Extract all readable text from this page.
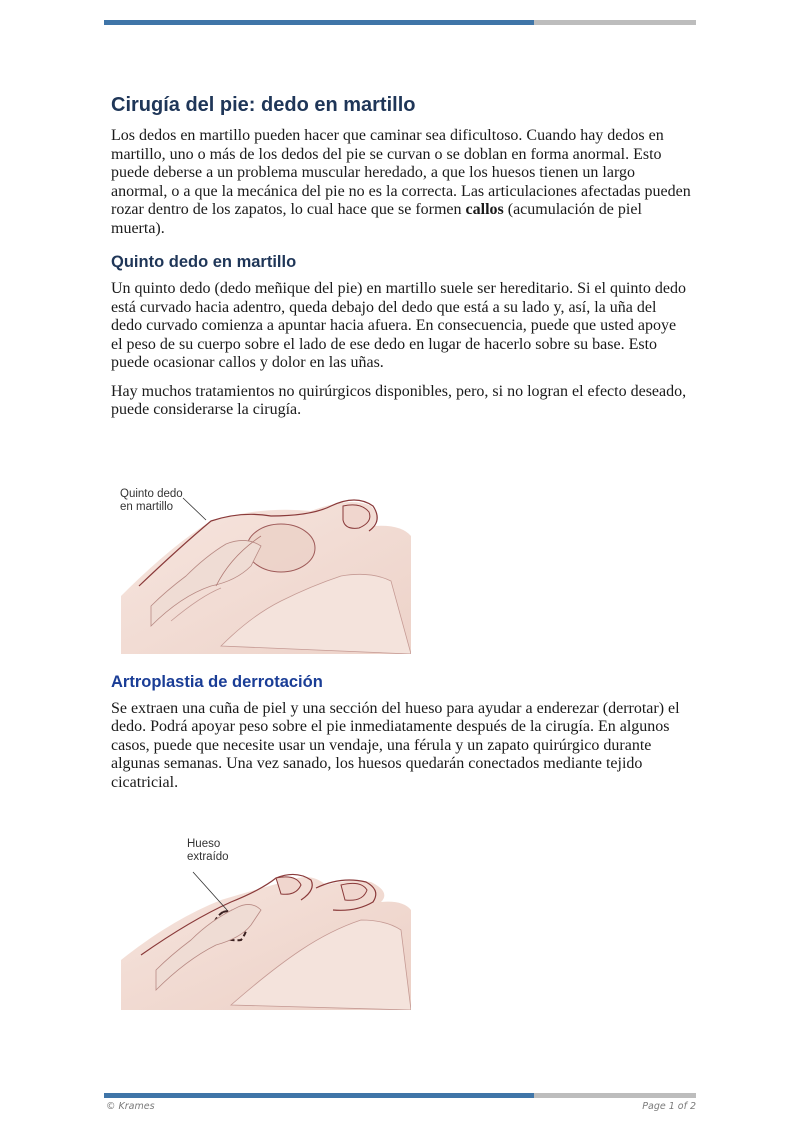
Cirugía del pie: dedo en martillo

Los dedos en martillo pueden hacer que caminar sea dificultoso. Cuando hay dedos en martillo, uno o más de los dedos del pie se curvan o se doblan en forma anormal. Esto puede deberse a un problema muscular heredado, a que los huesos tienen un largo anormal, o a que la mecánica del pie no es la correcta. Las articulaciones afectadas pueden rozar dentro de los zapatos, lo cual hace que se formen callos (acumulación de piel muerta).

Quinto dedo en martillo

Un quinto dedo (dedo meñique del pie) en martillo suele ser hereditario. Si el quinto dedo está curvado hacia adentro, queda debajo del dedo que está a su lado y, así, la uña del dedo curvado comienza a apuntar hacia afuera. En consecuencia, puede que usted apoye el peso de su cuerpo sobre el lado de ese dedo en lugar de hacerlo sobre su base. Esto puede ocasionar callos y dolor en las uñas.

Hay muchos tratamientos no quirúrgicos disponibles, pero, si no logran el efecto deseado, puede considerarse la cirugía.

Quinto dedo
en martillo
Artroplastia de derrotación

Se extraen una cuña de piel y una sección del hueso para ayudar a enderezar (derrotar) el dedo. Podrá apoyar peso sobre el pie inmediatamente después de la cirugía. En algunos casos, puede que necesite usar un vendaje, una férula y un zapato quirúrgico durante algunas semanas. Una vez sanado, los huesos quedarán conectados mediante tejido cicatricial.

Hueso
extraído
© Krames	Page 1 of 2
